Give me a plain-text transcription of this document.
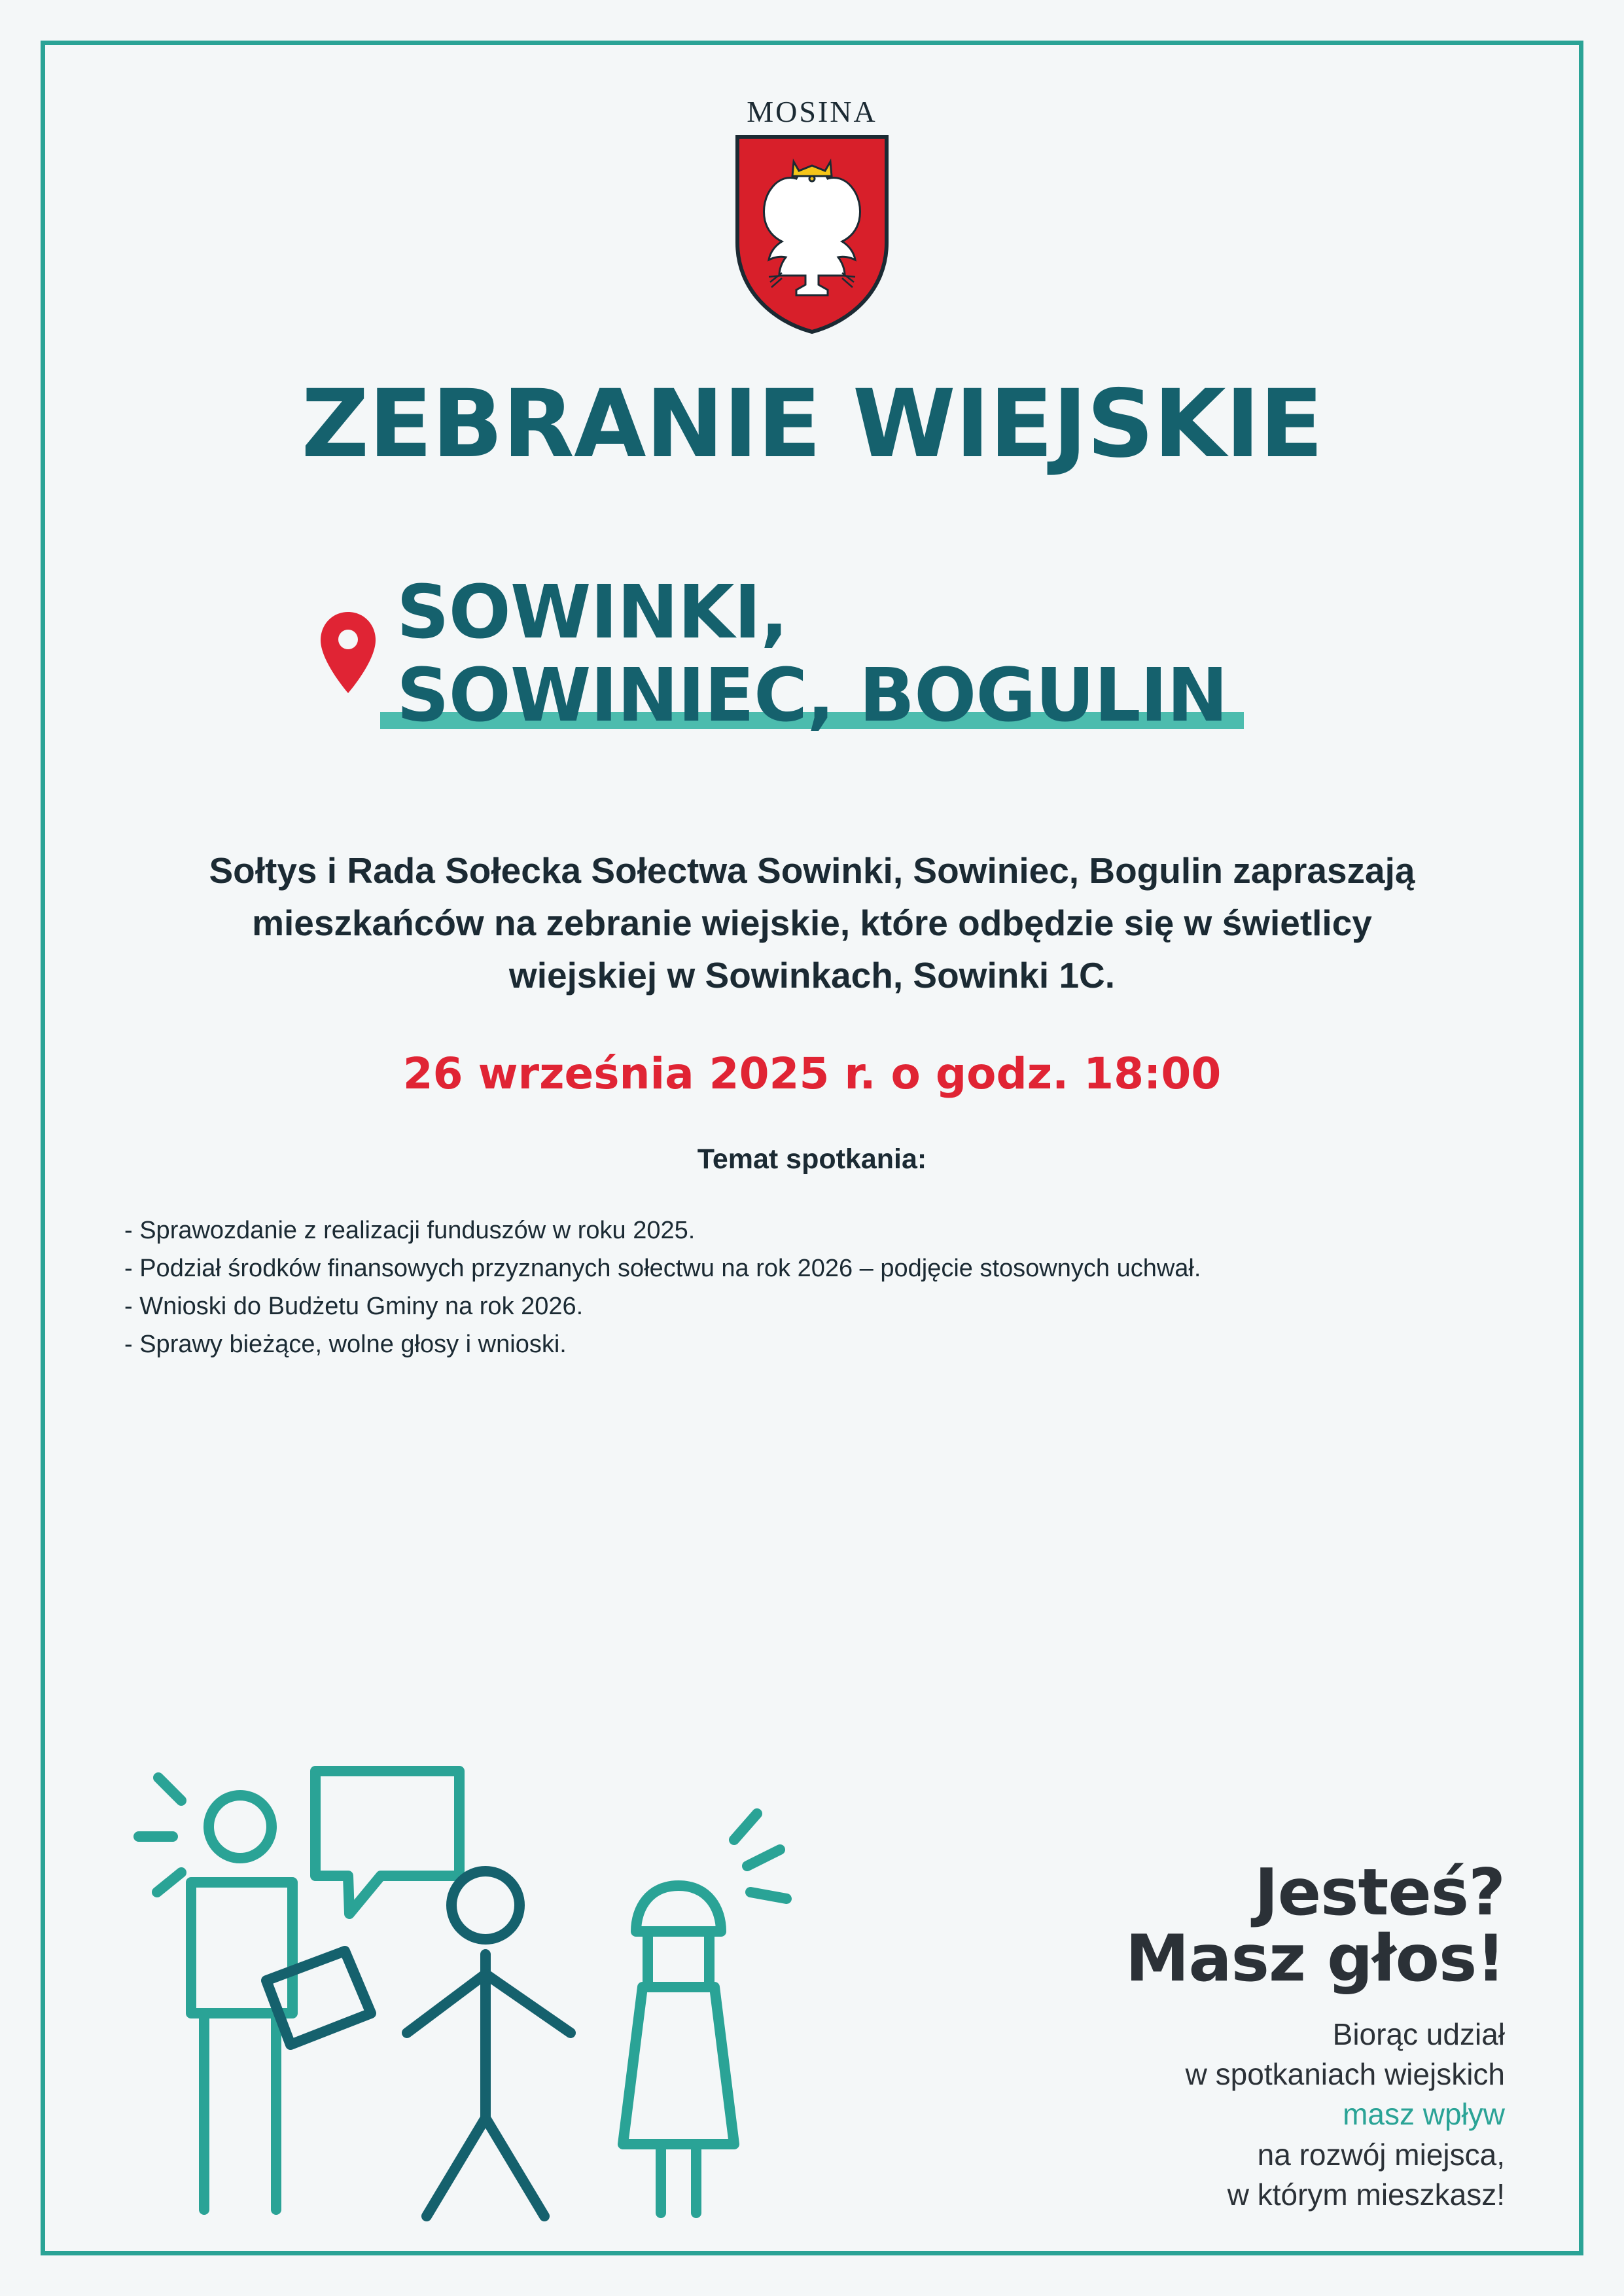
MOSINA
ZEBRANIE WIEJSKIE
SOWINKI,
SOWINIEC, BOGULIN
Sołtys i Rada Sołecka Sołectwa Sowinki, Sowiniec, Bogulin zapraszają mieszkańców na zebranie wiejskie, które odbędzie się w świetlicy wiejskiej w Sowinkach, Sowinki 1C.
26 września 2025 r. o godz. 18:00
Temat spotkania:

- Sprawozdanie z realizacji funduszów w roku 2025.

- Podział środków finansowych przyznanych sołectwu na rok 2026 – podjęcie stosownych uchwał.

- Wnioski do Budżetu Gminy na rok 2026.

- Sprawy bieżące, wolne głosy i wnioski.

Jesteś?
Masz głos!
Biorąc udział
w spotkaniach wiejskich
masz wpływ
na rozwój miejsca,
w którym mieszkasz!
